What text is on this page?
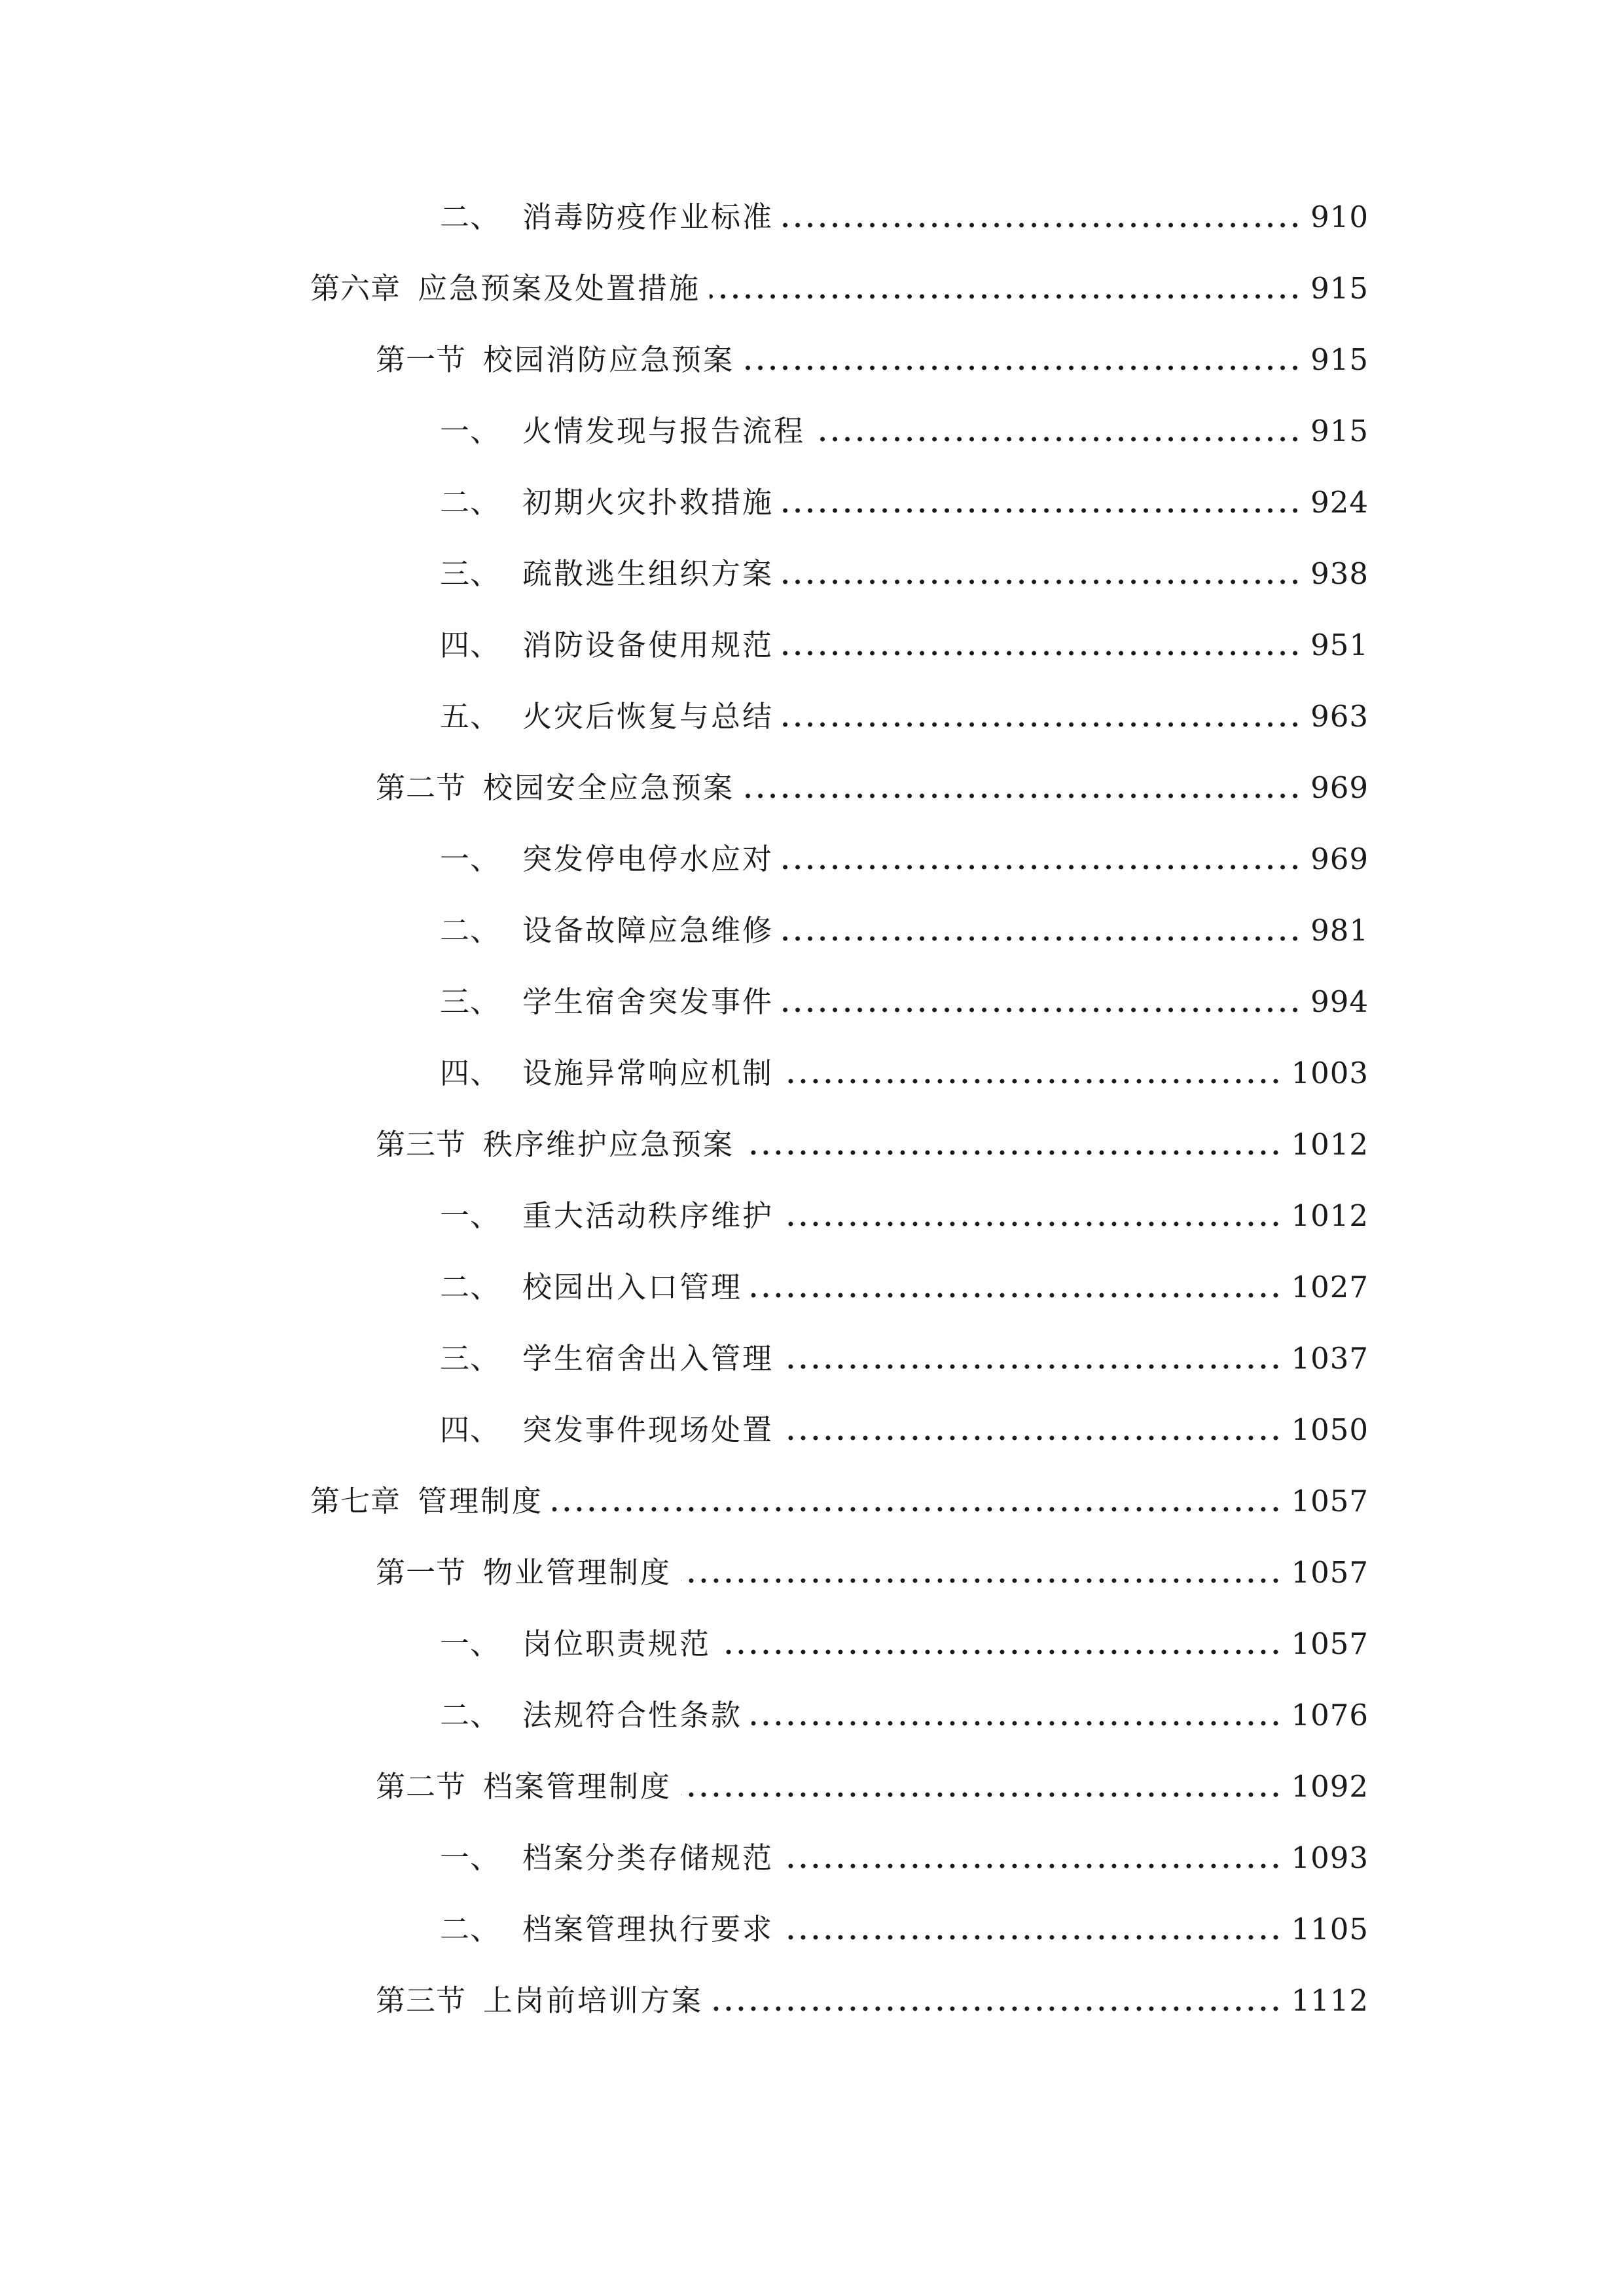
二、 消毒防疫作业标准	910
第六章 应急预案及处置措施	915
第一节 校园消防应急预案	915
一、 火情发现与报告流程	915
二、 初期火灾扑救措施	924
三、 疏散逃生组织方案	938
四、 消防设备使用规范	951
五、 火灾后恢复与总结	963
第二节 校园安全应急预案	969
一、 突发停电停水应对	969
二、 设备故障应急维修	981
三、 学生宿舍突发事件	994
四、 设施异常响应机制	1003
第三节 秩序维护应急预案	1012
一、 重大活动秩序维护	1012
二、 校园出入口管理	1027
三、 学生宿舍出入管理	1037
四、 突发事件现场处置	1050
第七章 管理制度	1057
第一节 物业管理制度	1057
一、 岗位职责规范	1057
二、 法规符合性条款	1076
第二节 档案管理制度	1092
一、 档案分类存储规范	1093
二、 档案管理执行要求	1105
第三节 上岗前培训方案	1112
